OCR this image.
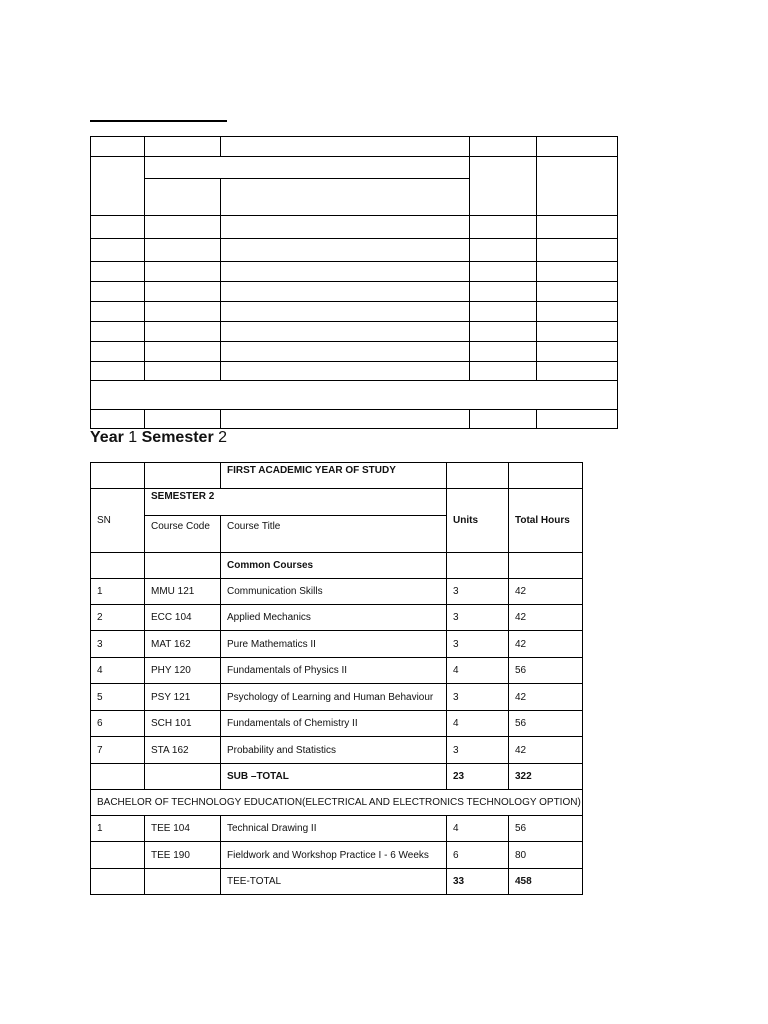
Year 1 Semester 2
		FIRST ACADEMIC YEAR OF STUDY		
SN	SEMESTER 2		Units	Total Hours
	Course Code	Course Title		
		Common Courses		
1	MMU 121	Communication Skills	3	42
2	ECC 104	Applied Mechanics	3	42
3	MAT 162	Pure Mathematics II	3	42
4	PHY 120	Fundamentals of Physics II	4	56
5	PSY 121	Psychology of Learning and Human Behaviour	3	42
6	SCH 101	Fundamentals of Chemistry II	4	56
7	STA 162	Probability and Statistics	3	42
		SUB –TOTAL	23	322
BACHELOR OF TECHNOLOGY EDUCATION(ELECTRICAL AND ELECTRONICS TECHNOLOGY OPTION)				
1	TEE 104	Technical Drawing II	4	56
	TEE 190	Fieldwork and Workshop Practice I - 6 Weeks	6	80
		TEE-TOTAL	33	458
